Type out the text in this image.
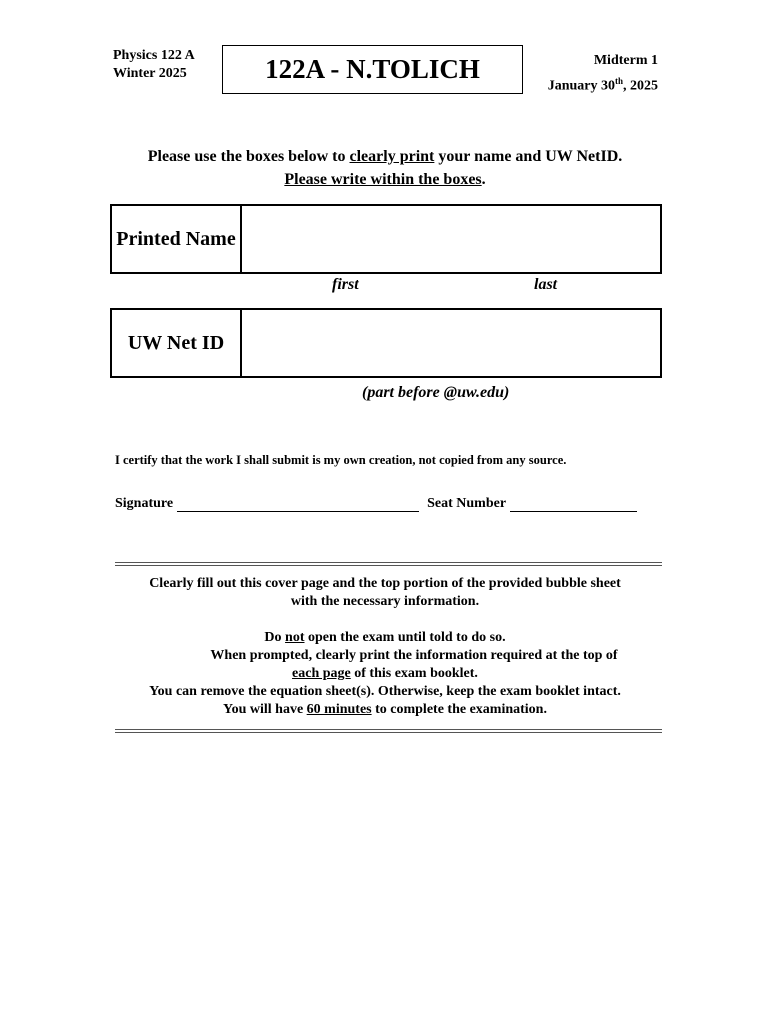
Physics 122 A
Winter 2025	122A - N.TOLICH	Midterm 1
January 30th, 2025
Please use the boxes below to clearly print your name and UW NetID.
Please write within the boxes.
Printed Name
first	last
UW Net ID
(part before @uw.edu)
I certify that the work I shall submit is my own creation, not copied from any source.
Signature	Seat Number
Clearly fill out this cover page and the top portion of the provided bubble sheet
with the necessary information.
Do not open the exam until told to do so.
When prompted, clearly print the information required at the top of
each page of this exam booklet.
You can remove the equation sheet(s). Otherwise, keep the exam booklet intact.
You will have 60 minutes to complete the examination.
